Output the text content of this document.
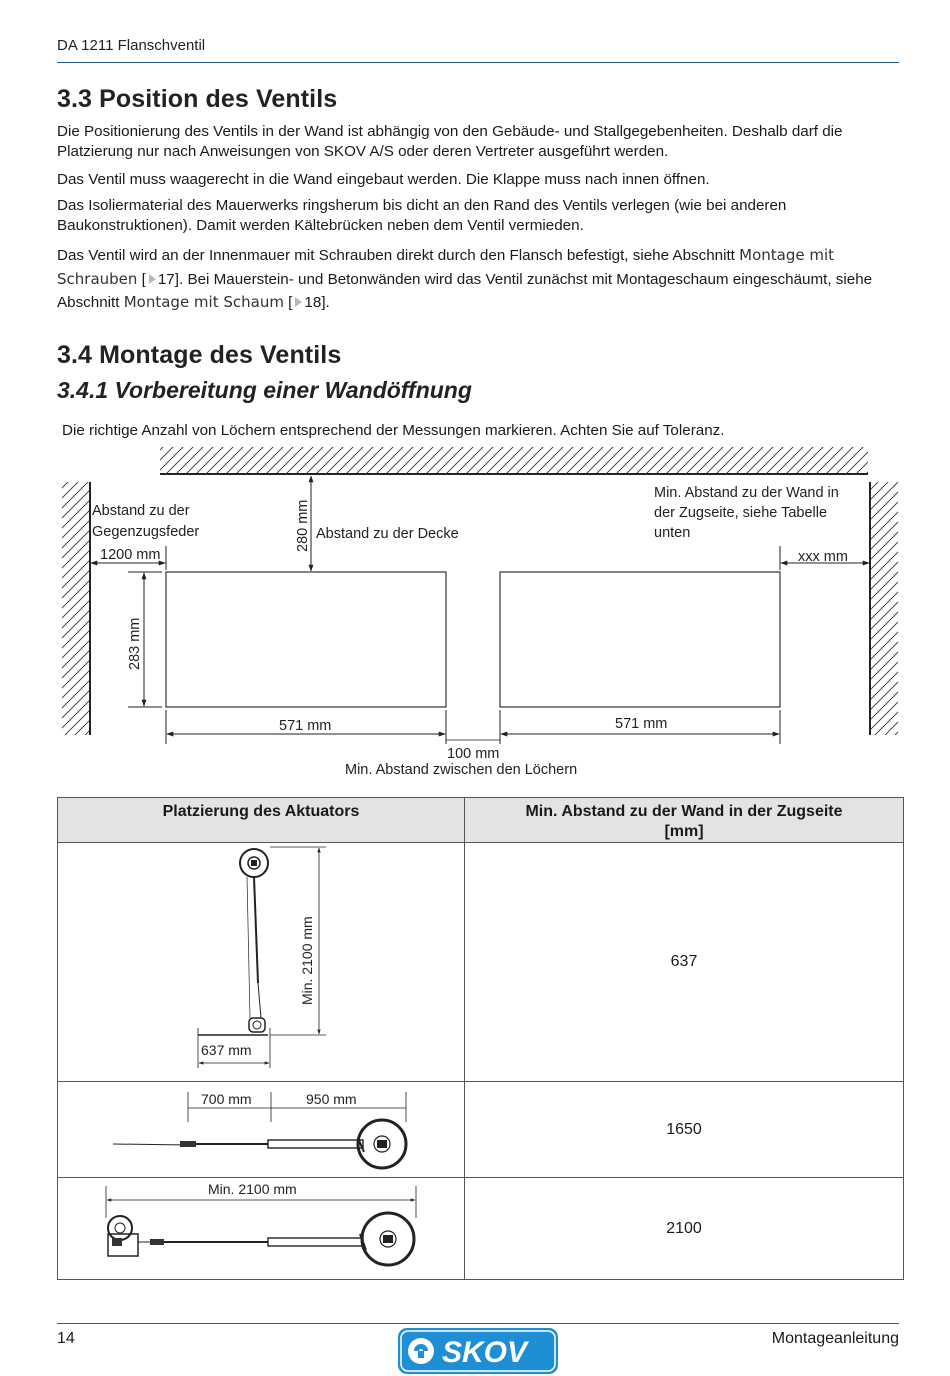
DA 1211 Flanschventil
3.3 Position des Ventils

Die Positionierung des Ventils in der Wand ist abhängig von den Gebäude- und Stallgegebenheiten. Deshalb darf die Platzierung nur nach Anweisungen von SKOV A/S oder deren Vertreter ausgeführt werden.

Das Ventil muss waagerecht in die Wand eingebaut werden. Die Klappe muss nach innen öffnen.

Das Isoliermaterial des Mauerwerks ringsherum bis dicht an den Rand des Ventils verlegen (wie bei anderen Baukonstruktionen). Damit werden Kältebrücken neben dem Ventil vermieden.

Das Ventil wird an der Innenmauer mit Schrauben direkt durch den Flansch befestigt, siehe Abschnitt Montage mit Schrauben [ 17]. Bei Mauerstein- und Betonwänden wird das Ventil zunächst mit Montageschaum eingeschäumt, siehe Abschnitt Montage mit Schaum [ 18].

3.4 Montage des Ventils
3.4.1 Vorbereitung einer Wandöffnung

Die richtige Anzahl von Löchern entsprechend der Messungen markieren. Achten Sie auf Toleranz.

Abstand zu der
Gegenzugsfeder
1200 mm
280 mm Abstand zu der Decke
Min. Abstand zu der Wand in
der Zugseite, siehe Tabelle
unten
xxx mm
283 mm
571 mm	571 mm
100 mm
Min. Abstand zwischen den Löchern
Platzierung des Aktuators	Min. Abstand zu der Wand in der Zugseite
[mm]

Min. 2100 mm
637 mm	637

700 mm 950 mm	1650

Min. 2100 mm	2100
14	Montageanleitung
SKOV
